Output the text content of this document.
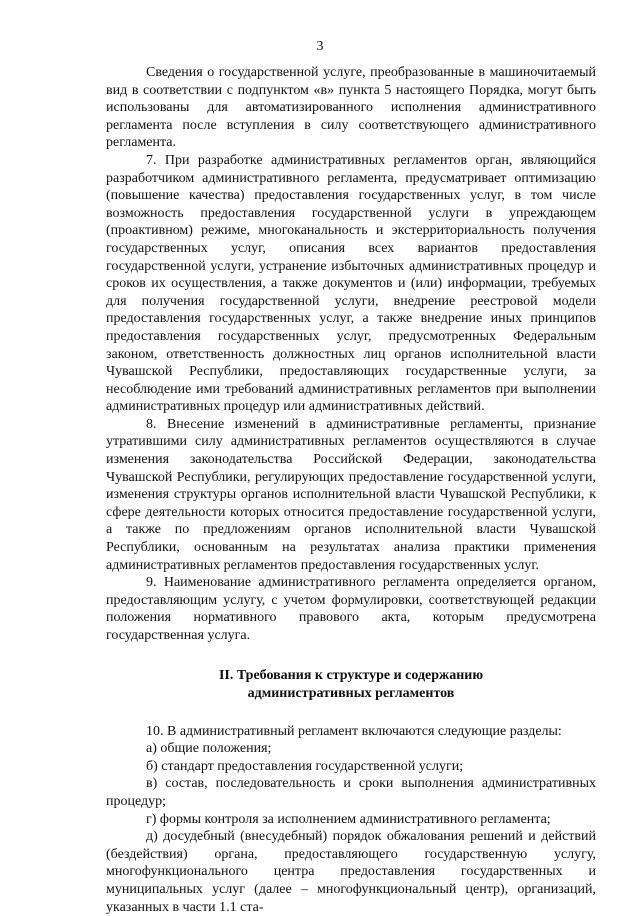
3

Сведения о государственной услуге, преобразованные в машиночитаемый вид в соответствии с подпунктом «в» пункта 5 настоящего Порядка, могут быть использованы для автоматизированного исполнения административного регламента после вступления в силу соответствующего административного регламента.

7. При разработке административных регламентов орган, являющийся разработчиком административного регламента, предусматривает оптимизацию (повышение качества) предоставления государственных услуг, в том числе возможность предоставления государственной услуги в упреждающем (проактивном) режиме, многоканальность и экстерриториальность получения государственных услуг, описания всех вариантов предоставления государственной услуги, устранение избыточных административных процедур и сроков их осуществления, а также документов и (или) информации, требуемых для получения государственной услуги, внедрение реестровой модели предоставления государственных услуг, а также внедрение иных принципов предоставления государственных услуг, предусмотренных Федеральным законом, ответственность должностных лиц органов исполнительной власти Чувашской Республики, предоставляющих государственные услуги, за несоблюдение ими требований административных регламентов при выполнении административных процедур или административных действий.

8. Внесение изменений в административные регламенты, признание утратившими силу административных регламентов осуществляются в случае изменения законодательства Российской Федерации, законодательства Чувашской Республики, регулирующих предоставление государственной услуги, изменения структуры органов исполнительной власти Чувашской Республики, к сфере деятельности которых относится предоставление государственной услуги, а также по предложениям органов исполнительной власти Чувашской Республики, основанным на результатах анализа практики применения административных регламентов предоставления государственных услуг.

9. Наименование административного регламента определяется органом, предоставляющим услугу, с учетом формулировки, соответствующей редакции положения нормативного правового акта, которым предусмотрена государственная услуга.

II. Требования к структуре и содержанию
административных регламентов

10. В административный регламент включаются следующие разделы:

а) общие положения;

б) стандарт предоставления государственной услуги;

в) состав, последовательность и сроки выполнения административных процедур;

г) формы контроля за исполнением административного регламента;

д) досудебный (внесудебный) порядок обжалования решений и действий (бездействия) органа, предоставляющего государственную услугу, многофункционального центра предоставления государственных и муниципальных услуг (далее – многофункциональный центр), организаций, указанных в части 1.1 ста-
